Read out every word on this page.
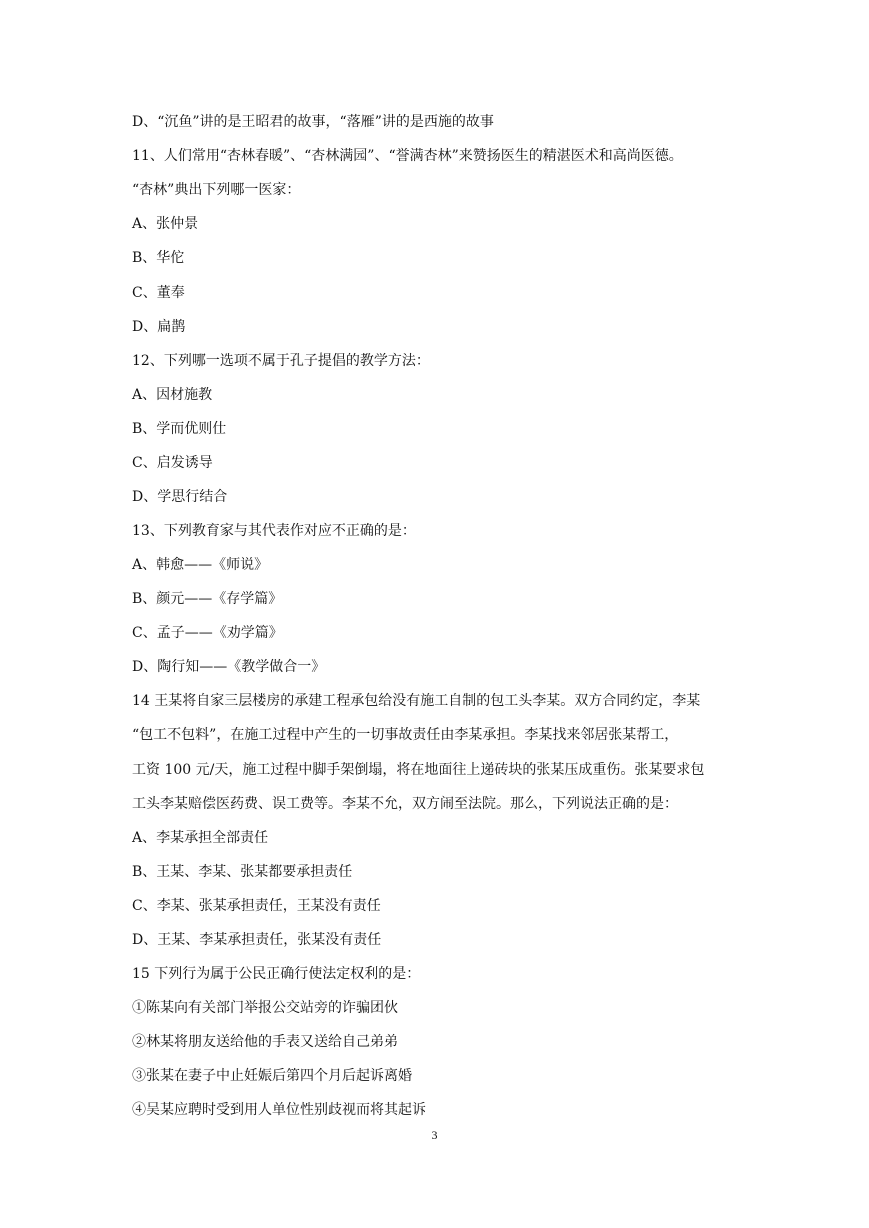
D、“沉鱼”讲的是王昭君的故事，“落雁”讲的是西施的故事

11、人们常用“杏林春暖”、“杏林满园”、“誉满杏林”来赞扬医生的精湛医术和高尚医德。

“杏林”典出下列哪一医家：

A、张仲景

B、华佗

C、董奉

D、扁鹊

12、下列哪一选项不属于孔子提倡的教学方法：

A、因材施教

B、学而优则仕

C、启发诱导

D、学思行结合

13、下列教育家与其代表作对应不正确的是：

A、韩愈——《师说》

B、颜元——《存学篇》

C、孟子——《劝学篇》

D、陶行知——《教学做合一》

14 王某将自家三层楼房的承建工程承包给没有施工自制的包工头李某。双方合同约定，李某

“包工不包料”，在施工过程中产生的一切事故责任由李某承担。李某找来邻居张某帮工，

工资 100 元/天，施工过程中脚手架倒塌，将在地面往上递砖块的张某压成重伤。张某要求包

工头李某赔偿医药费、误工费等。李某不允，双方闹至法院。那么，下列说法正确的是：

A、李某承担全部责任

B、王某、李某、张某都要承担责任

C、李某、张某承担责任，王某没有责任

D、王某、李某承担责任，张某没有责任

15 下列行为属于公民正确行使法定权利的是：

①陈某向有关部门举报公交站旁的诈骗团伙

②林某将朋友送给他的手表又送给自己弟弟

③张某在妻子中止妊娠后第四个月后起诉离婚

④吴某应聘时受到用人单位性别歧视而将其起诉

3
